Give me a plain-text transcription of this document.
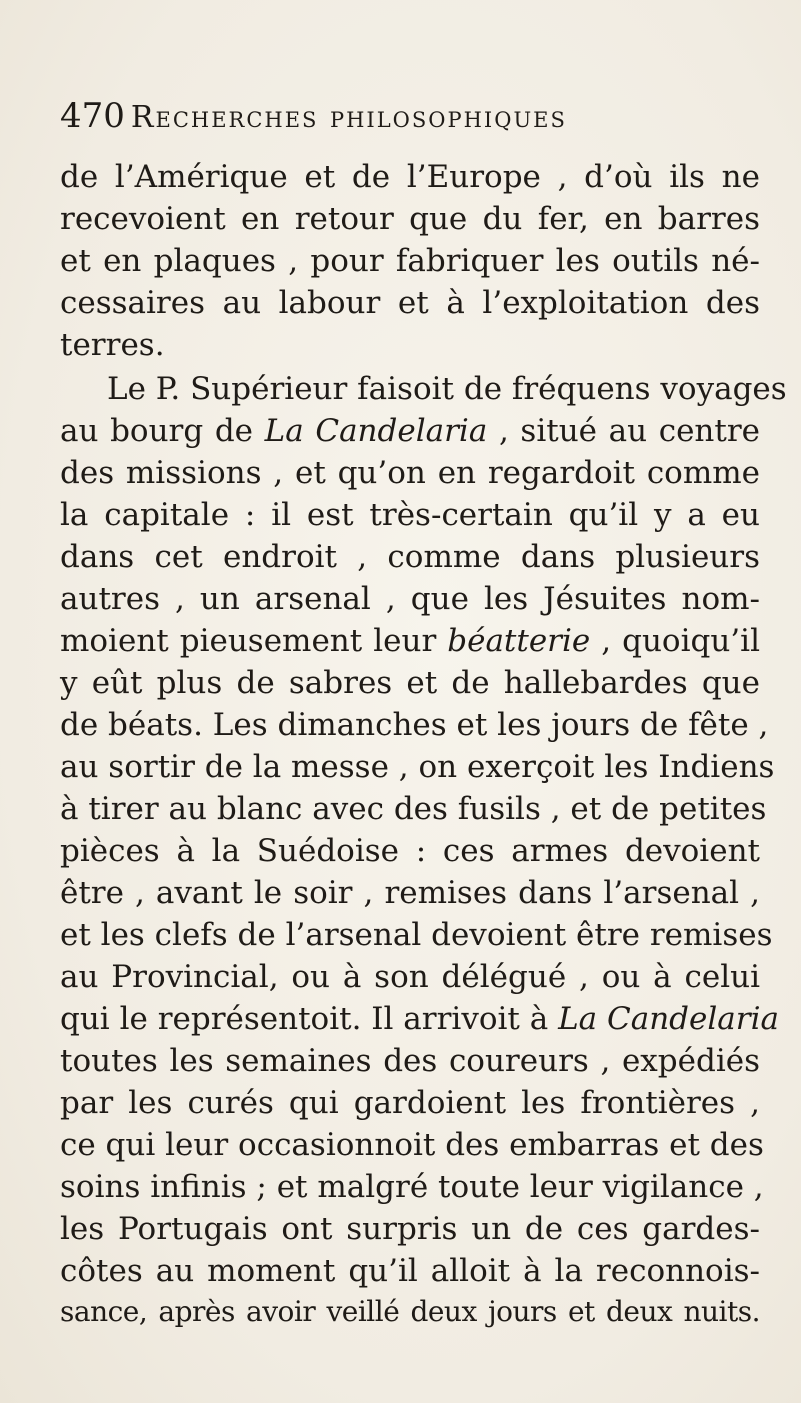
470 Recherches philosophiques
de l’Amérique et de l’Europe , d’où ils ne
recevoient en retour que du fer, en barres
et en plaques , pour fabriquer les outils né-
cessaires au labour et à l’exploitation des
terres.
Le P. Supérieur faisoit de fréquens voyages
au bourg de La Candelaria , situé au centre
des missions , et qu’on en regardoit comme
la capitale : il est très-certain qu’il y a eu
dans cet endroit , comme dans plusieurs
autres , un arsenal , que les Jésuites nom-
moient pieusement leur béatterie , quoiqu’il
y eût plus de sabres et de hallebardes que
de béats. Les dimanches et les jours de fête ,
au sortir de la messe , on exerçoit les Indiens
à tirer au blanc avec des fusils , et de petites
pièces à la Suédoise : ces armes devoient
être , avant le soir , remises dans l’arsenal ,
et les clefs de l’arsenal devoient être remises
au Provincial, ou à son délégué , ou à celui
qui le représentoit. Il arrivoit à La Candelaria
toutes les semaines des coureurs , expédiés
par les curés qui gardoient les frontières ,
ce qui leur occasionnoit des embarras et des
soins infinis ; et malgré toute leur vigilance ,
les Portugais ont surpris un de ces gardes-
côtes au moment qu’il alloit à la reconnois-
sance, après avoir veillé deux jours et deux nuits.
